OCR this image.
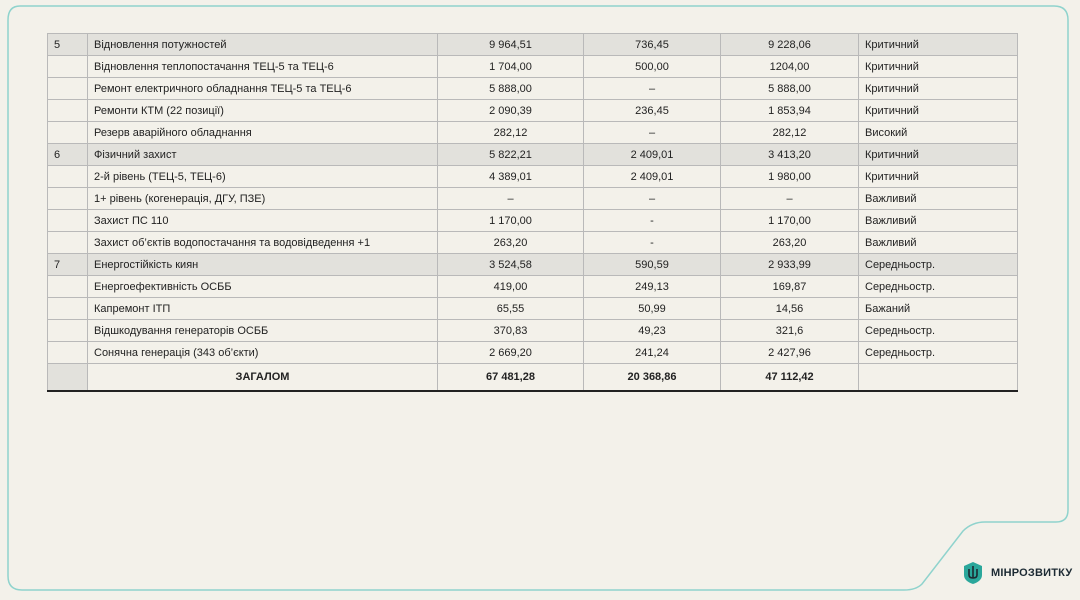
5	Відновлення потужностей	9 964,51	736,45	9 228,06	Критичний
	Відновлення теплопостачання ТЕЦ-5 та ТЕЦ-6	1 704,00	500,00	1204,00	Критичний
	Ремонт електричного обладнання ТЕЦ-5 та ТЕЦ-6	5 888,00	–	5 888,00	Критичний
	Ремонти КТМ (22 позиції)	2 090,39	236,45	1 853,94	Критичний
	Резерв аварійного обладнання	282,12	–	282,12	Високий
6	Фізичний захист	5 822,21	2 409,01	3 413,20	Критичний
	2-й рівень (ТЕЦ-5, ТЕЦ-6)	4 389,01	2 409,01	1 980,00	Критичний
	1+ рівень (когенерація, ДГУ, ПЗЕ)	–	–	–	Важливий
	Захист ПС 110	1 170,00	-	1 170,00	Важливий
	Захист об’єктів водопостачання та водовідведення +1	263,20	-	263,20	Важливий
7	Енергостійкість киян	3 524,58	590,59	2 933,99	Середньостр.
	Енергоефективність ОСББ	419,00	249,13	169,87	Середньостр.
	Капремонт ІТП	65,55	50,99	14,56	Бажаний
	Відшкодування генераторів ОСББ	370,83	49,23	321,6	Середньостр.
	Сонячна генерація (343 об’єкти)	2 669,20	241,24	2 427,96	Середньостр.
	ЗАГАЛОМ	67 481,28	20 368,86	47 112,42	
МІНРОЗВИТКУ
